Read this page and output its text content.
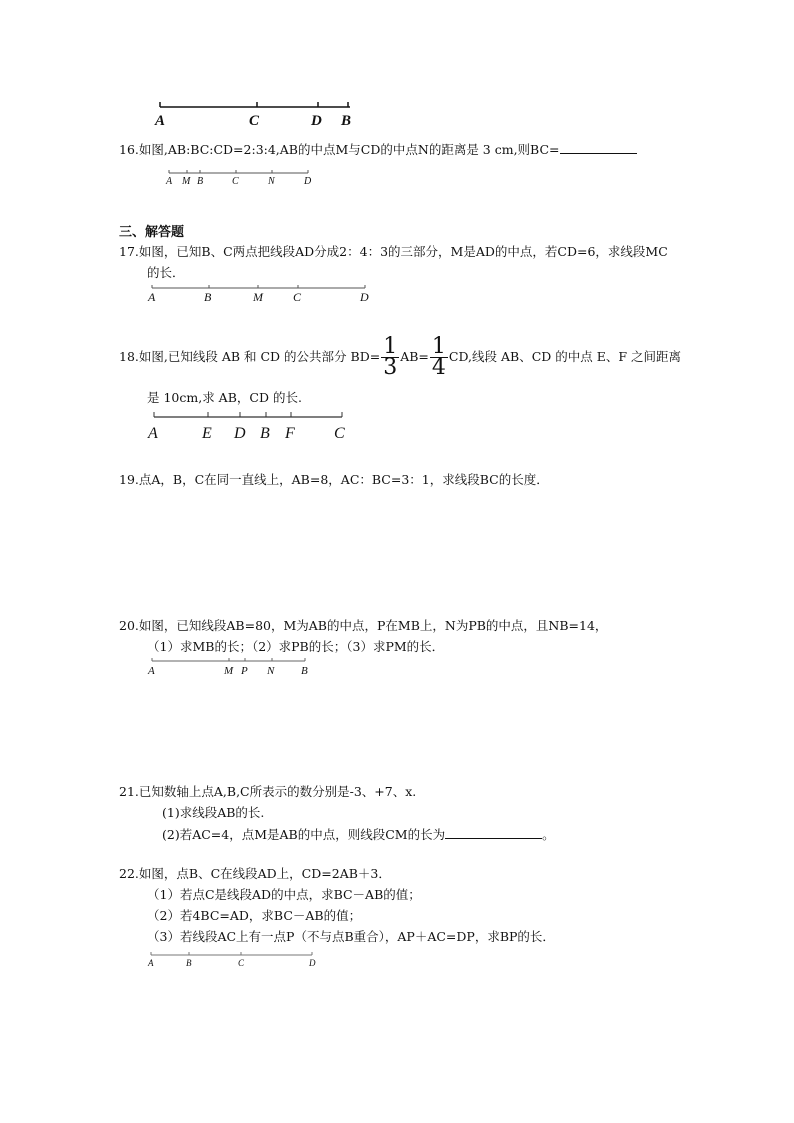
A	C	D B
16.如图,AB:BC:CD=2:3:4,AB的中点M与CD的中点N的距离是 3 cm,则BC=
A M B	C	N	D
三、解答题
17.如图，已知B、C两点把线段AD分成2：4：3的三部分，M是AD的中点，若CD=6，求线段MC
的长．
A	B	M	C	D
18.如图,已知线段 AB 和 CD 的公共部分 $BD= \frac{1}{3} AB= \frac{1}{4}$ CD,线段 AB、CD 的中点 E、F 之间距离
是 10cm,求 AB，CD 的长.
A	E D B F C
19.点A，B，C在同一直线上，AB=8，AC：BC=3：1，求线段BC的长度．
20.如图，已知线段AB=80，M为AB的中点，P在MB上，N为PB的中点，且NB=14，
（1）求MB的长；（2）求PB的长；（3）求PM的长．
A	M P N B
21.已知数轴上点A,B,C所表示的数分别是-3、+7、x.
(1)求线段AB的长.
(2)若AC=4，点M是AB的中点，则线段CM的长为	。
22.如图，点B、C在线段AD上，CD=2AB＋3．
（1）若点C是线段AD的中点，求BC－AB的值；
（2）若4BC=AD，求BC－AB的值；
（3）若线段AC上有一点P（不与点B重合），AP＋AC=DP，求BP的长．
A	B	C	D
